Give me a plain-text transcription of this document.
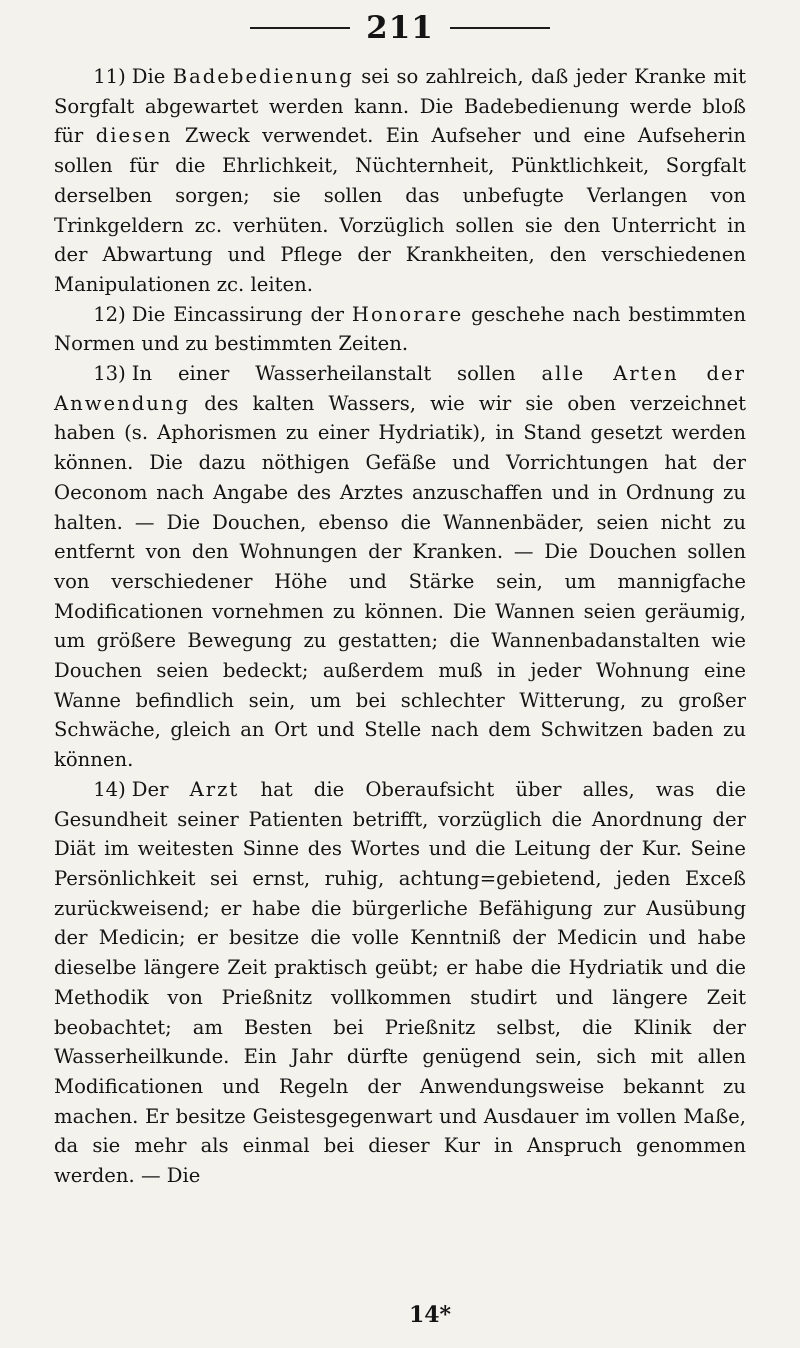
211

11) Die Badebedienung sei so zahlreich, daß jeder Kranke mit Sorgfalt abgewartet werden kann. Die Badebedienung werde bloß für diesen Zweck verwendet. Ein Aufseher und eine Aufseherin sollen für die Ehrlichkeit, Nüchternheit, Pünktlichkeit, Sorgfalt derselben sorgen; sie sollen das unbefugte Verlangen von Trinkgeldern zc. verhüten. Vorzüglich sollen sie den Unterricht in der Abwartung und Pflege der Krankheiten, den verschiedenen Manipulationen zc. leiten.

12) Die Eincassirung der Honorare geschehe nach bestimmten Normen und zu bestimmten Zeiten.

13) In einer Wasserheilanstalt sollen alle Arten der Anwendung des kalten Wassers, wie wir sie oben verzeichnet haben (s. Aphorismen zu einer Hydriatik), in Stand gesetzt werden können. Die dazu nöthigen Gefäße und Vorrichtungen hat der Oeconom nach Angabe des Arztes anzuschaffen und in Ordnung zu halten. — Die Douchen, ebenso die Wannenbäder, seien nicht zu entfernt von den Wohnungen der Kranken. — Die Douchen sollen von verschiedener Höhe und Stärke sein, um mannigfache Modificationen vornehmen zu können. Die Wannen seien geräumig, um größere Bewegung zu gestatten; die Wannenbadanstalten wie Douchen seien bedeckt; außerdem muß in jeder Wohnung eine Wanne befindlich sein, um bei schlechter Witterung, zu großer Schwäche, gleich an Ort und Stelle nach dem Schwitzen baden zu können.

14) Der Arzt hat die Oberaufsicht über alles, was die Gesundheit seiner Patienten betrifft, vorzüglich die Anordnung der Diät im weitesten Sinne des Wortes und die Leitung der Kur. Seine Persönlichkeit sei ernst, ruhig, achtung=gebietend, jeden Exceß zurückweisend; er habe die bürgerliche Befähigung zur Ausübung der Medicin; er besitze die volle Kenntniß der Medicin und habe dieselbe längere Zeit praktisch geübt; er habe die Hydriatik und die Methodik von Prießnitz vollkommen studirt und längere Zeit beobachtet; am Besten bei Prießnitz selbst, die Klinik der Wasserheilkunde. Ein Jahr dürfte genügend sein, sich mit allen Modificationen und Regeln der Anwendungsweise bekannt zu machen. Er besitze Geistesgegenwart und Ausdauer im vollen Maße, da sie mehr als einmal bei dieser Kur in Anspruch genommen werden. — Die

14*
